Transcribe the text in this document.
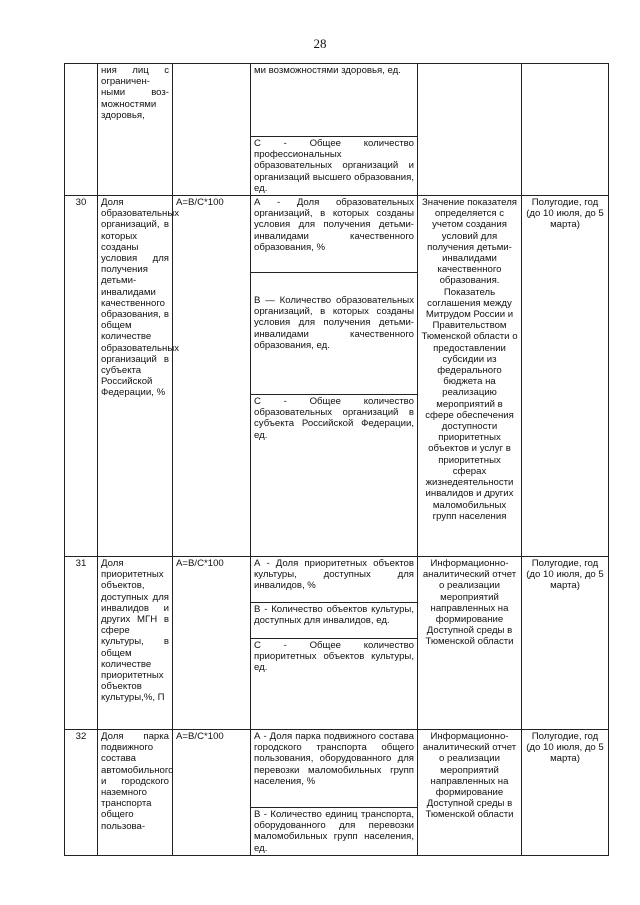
28
	ния лиц с ограничен-ными воз-можностями здоровья,		ми возможностями здоровья, ед.		
			С - Общее количество профессиональных образовательных организаций и организаций высшего образования, ед.		
30	Доля образовательных организаций, в которых созданы условия для получения детьми-инвалидами качественного образования, в общем количестве образовательных организаций в субъекта Российской Федерации, %	А=В/С*100	А - Доля образовательных организаций, в которых созданы условия для получения детьми-инвалидами качественного образования, %	Значение показателя определяется с учетом создания условий для получения детьми-инвалидами качественного образования. Показатель соглашения между Митрудом России и Правительством Тюменской области о предоставлении субсидии из федерального бюджета на реализацию мероприятий в сфере обеспечения доступности приоритетных объектов и услуг в приоритетных сферах жизнедеятельности инвалидов и других маломобильных групп населения	Полугодие, год (до 10 июля, до 5 марта)
			В — Количество образовательных организаций, в которых созданы условия для получения детьми-инвалидами качественного образования, ед.		
			С - Общее количество образовательных организаций в субъекта Российской Федерации, ед.		
31	Доля приоритетных объектов, доступных для инвалидов и других МГН в сфере культуры, в общем количестве приоритетных объектов культуры,%, П	А=В/С*100	А - Доля приоритетных объектов культуры, доступных для инвалидов, %	Информационно-аналитический отчет о реализации мероприятий направленных на формирование Доступной среды в Тюменской области	Полугодие, год (до 10 июля, до 5 марта)
			В - Количество объектов культуры, доступных для инвалидов, ед.		
			С - Общее количество приоритетных объектов культуры, ед.		
32	Доля парка подвижного состава автомобильного и городского наземного транспорта общего пользова-	А=В/С*100	А - Доля парка подвижного состава городского транспорта общего пользования, оборудованного для перевозки маломобильных групп населения, %	Информационно-аналитический отчет о реализации мероприятий направленных на формирование Доступной среды в Тюменской области	Полугодие, год (до 10 июля, до 5 марта)
			В - Количество единиц транспорта, оборудованного для перевозки маломобильных групп населения, ед.		
